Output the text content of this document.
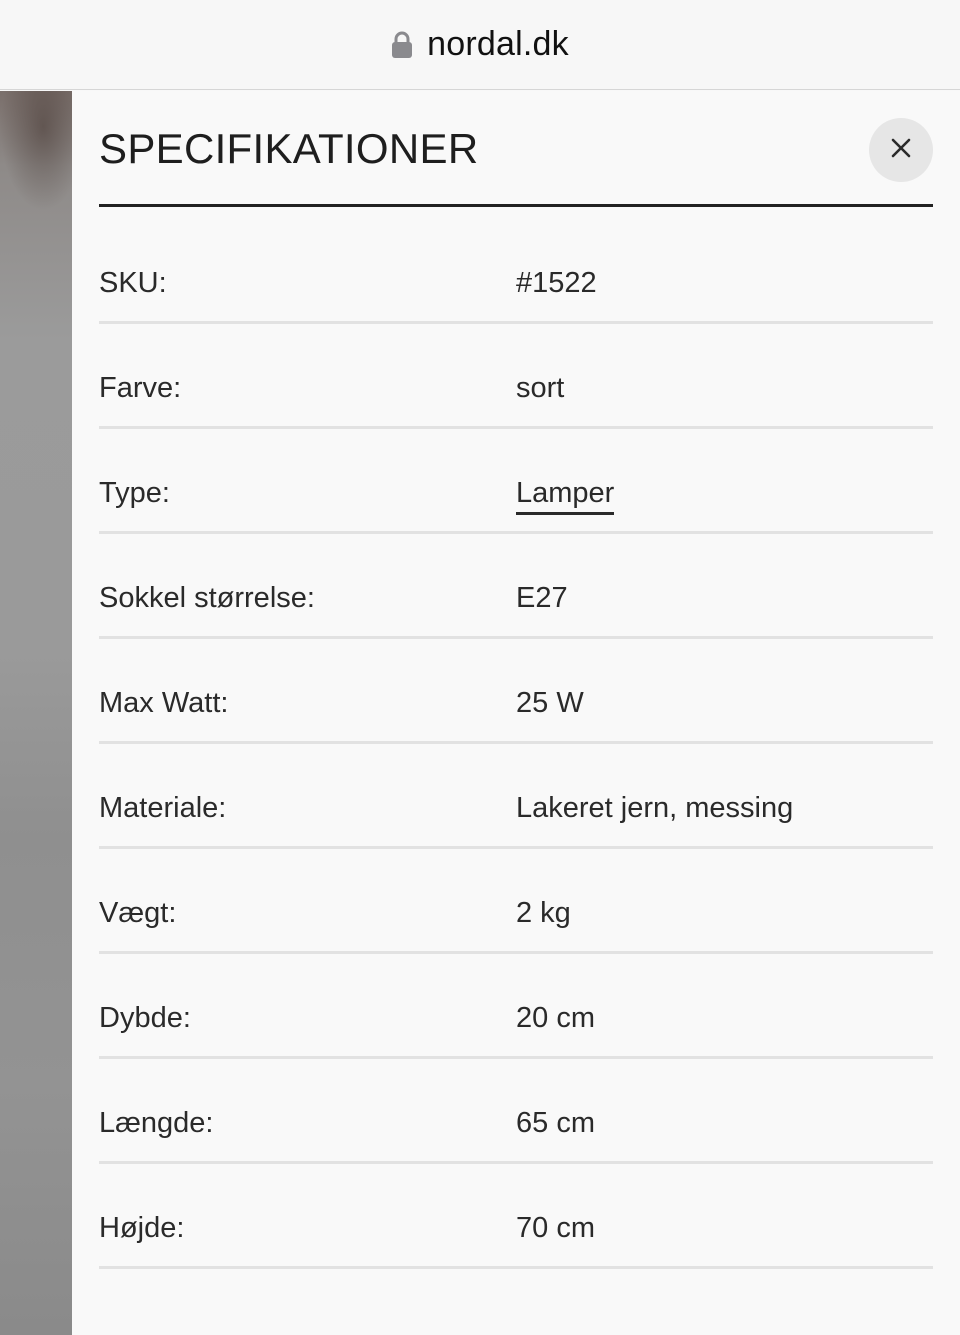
nordal.dk
SPECIFIKATIONER
SKU:	#1522
Farve:	sort
Type:	Lamper
Sokkel størrelse:	E27
Max Watt:	25 W
Materiale:	Lakeret jern, messing
Vægt:	2 kg
Dybde:	20 cm
Længde:	65 cm
Højde:	70 cm
